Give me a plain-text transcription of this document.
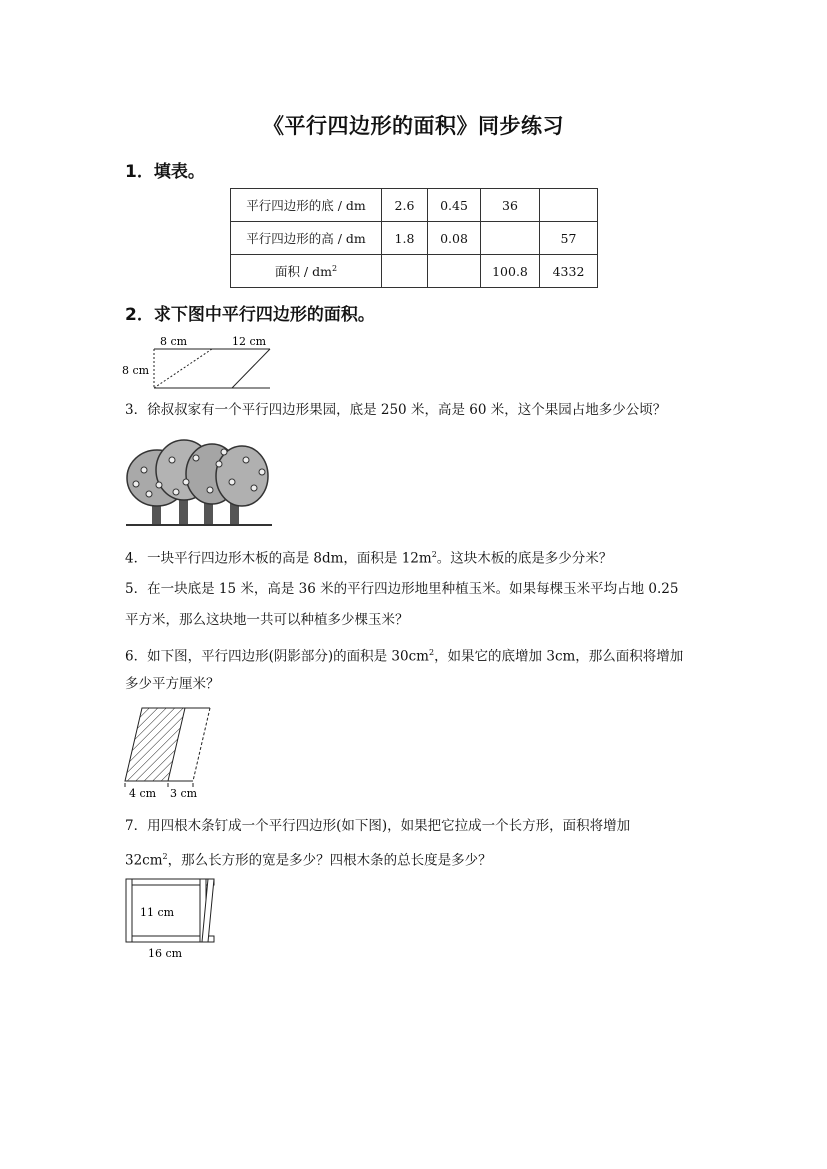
《平行四边形的面积》同步练习
1．填表。
平行四边形的底 / dm	2.6	0.45	36	
平行四边形的高 / dm	1.8	0.08		57
面积 / $dm^2$			100.8	4332
2．求下图中平行四边形的面积。
8 cm	12 cm
8 cm
3．徐叔叔家有一个平行四边形果园，底是 250 米，高是 60 米，这个果园占地多少公顷？
4．一块平行四边形木板的高是 8dm，面积是 $12m^2$。这块木板的底是多少分米？
5．在一块底是 15 米，高是 36 米的平行四边形地里种植玉米。如果每棵玉米平均占地 0.25
平方米，那么这块地一共可以种植多少棵玉米？
6．如下图，平行四边形(阴影部分)的面积是 $30cm^2$，如果它的底增加 3cm，那么面积将增加
多少平方厘米？
4 cm 3 cm
7．用四根木条钉成一个平行四边形(如下图)，如果把它拉成一个长方形，面积将增加
$32cm^2$，那么长方形的宽是多少？四根木条的总长度是多少？
11 cm
16 cm
